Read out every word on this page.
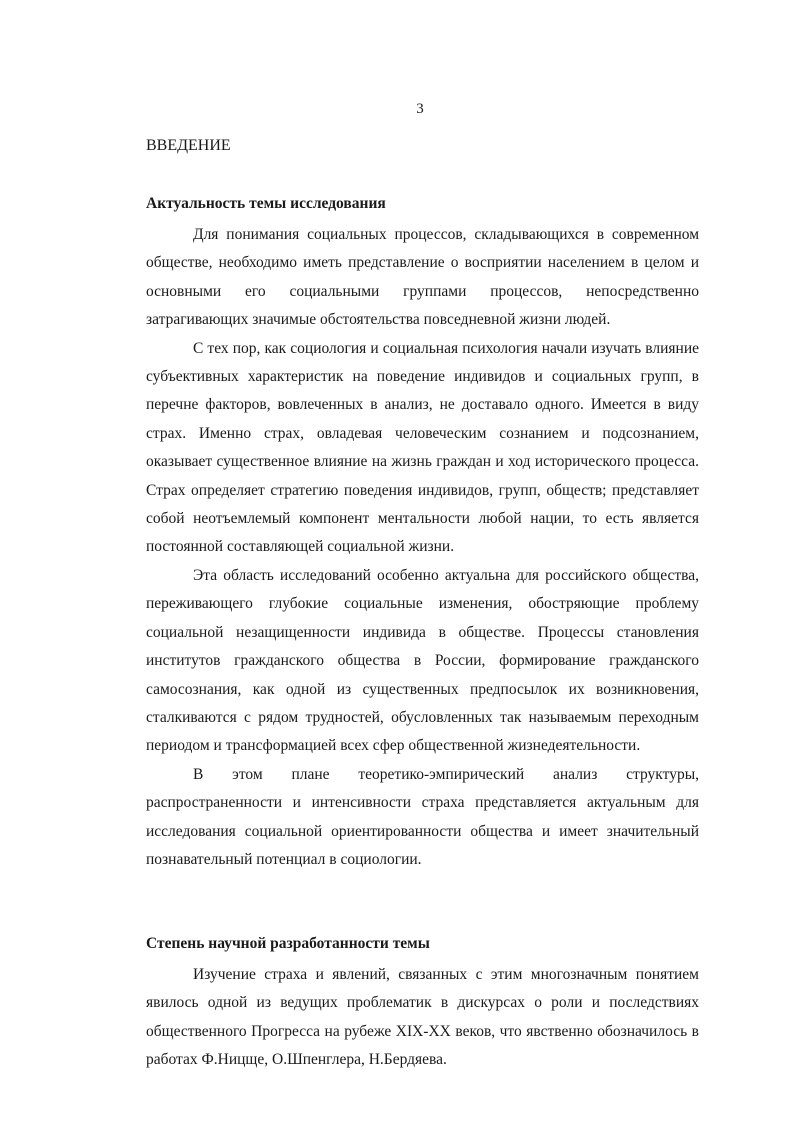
3
ВВЕДЕНИЕ
Актуальность темы исследования

Для понимания социальных процессов, складывающихся в современном обществе, необходимо иметь представление о восприятии населением в целом и основными его социальными группами процессов, непосредственно затрагивающих значимые обстоятельства повседневной жизни людей.

С тех пор, как социология и социальная психология начали изучать влияние субъективных характеристик на поведение индивидов и социальных групп, в перечне факторов, вовлеченных в анализ, не доставало одного. Имеется в виду страх. Именно страх, овладевая человеческим сознанием и подсознанием, оказывает существенное влияние на жизнь граждан и ход исторического процесса. Страх определяет стратегию поведения индивидов, групп, обществ; представляет собой неотъемлемый компонент ментальности любой нации, то есть является постоянной составляющей социальной жизни.

Эта область исследований особенно актуальна для российского общества, переживающего глубокие социальные изменения, обостряющие проблему социальной незащищенности индивида в обществе. Процессы становления институтов гражданского общества в России, формирование гражданского самосознания, как одной из существенных предпосылок их возникновения, сталкиваются с рядом трудностей, обусловленных так называемым переходным периодом и трансформацией всех сфер общественной жизнедеятельности.

В этом плане теоретико-эмпирический анализ структуры, распространенности и интенсивности страха представляется актуальным для исследования социальной ориентированности общества и имеет значительный познавательный потенциал в социологии.

Степень научной разработанности темы

Изучение страха и явлений, связанных с этим многозначным понятием явилось одной из ведущих проблематик в дискурсах о роли и последствиях общественного Прогресса на рубеже XIX-XX веков, что явственно обозначилось в работах Ф.Ницще, О.Шпенглера, Н.Бердяева.
